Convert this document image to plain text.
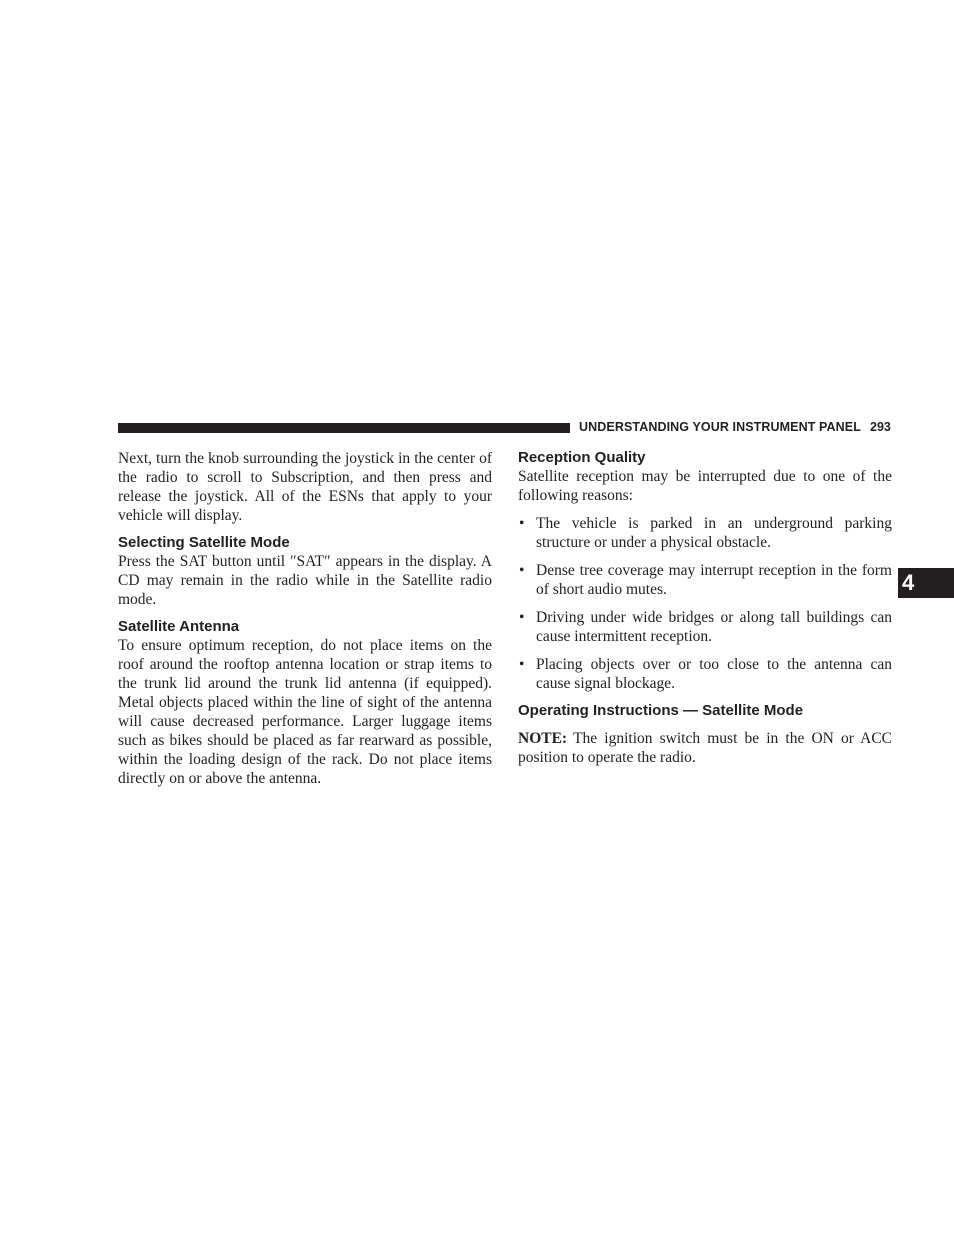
UNDERSTANDING YOUR INSTRUMENT PANEL 293
4

Next, turn the knob surrounding the joystick in the center of the radio to scroll to Subscription, and then press and release the joystick. All of the ESNs that apply to your vehicle will display.

Selecting Satellite Mode

Press the SAT button until ″SAT″ appears in the display. A CD may remain in the radio while in the Satellite radio mode.

Satellite Antenna

To ensure optimum reception, do not place items on the roof around the rooftop antenna location or strap items to the trunk lid around the trunk lid antenna (if equipped). Metal objects placed within the line of sight of the antenna will cause decreased performance. Larger luggage items such as bikes should be placed as far rearward as possible, within the loading design of the rack. Do not place items directly on or above the antenna.

Reception Quality

Satellite reception may be interrupted due to one of the following reasons:

• The vehicle is parked in an underground parking structure or under a physical obstacle.
• Dense tree coverage may interrupt reception in the form of short audio mutes.
• Driving under wide bridges or along tall buildings can cause intermittent reception.
• Placing objects over or too close to the antenna can cause signal blockage.
Operating Instructions — Satellite Mode

NOTE: The ignition switch must be in the ON or ACC position to operate the radio.
